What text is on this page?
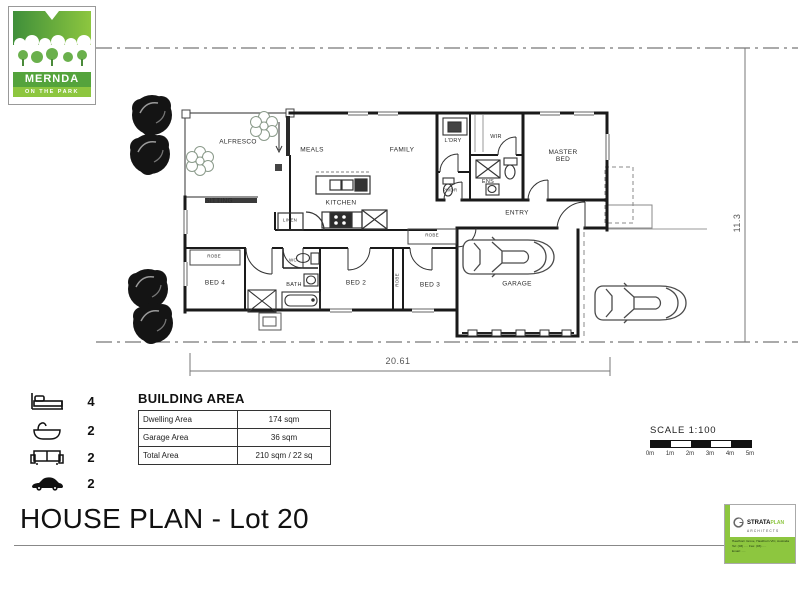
ALFRESCO
MEALS	FAMILY
L'DRY
WIR
MASTER BED
SITTING	KITCHEN
LINEN
ENS
PWDR
ENTRY
ROBE
ROBE
ROBE
BED 4
WC
BATH	BED 2	BED 3	GARAGE
20.61
11.3
MERNDA
ON THE PARK
4
2
2
2
BUILDING AREA
Dwelling Area	174 sqm
Garage Area	36 sqm
Total Area	210 sqm / 22 sq
SCALE 1:100
0m	1m	2m	3m	4m	5m
HOUSE PLAN - Lot 20	STRATAPLAN
ARCHITECTS
Hawthorn Grove, Hawthorn VIC, Australia
Tel: (03) ···· Fax: (03) ····
Email: ····
